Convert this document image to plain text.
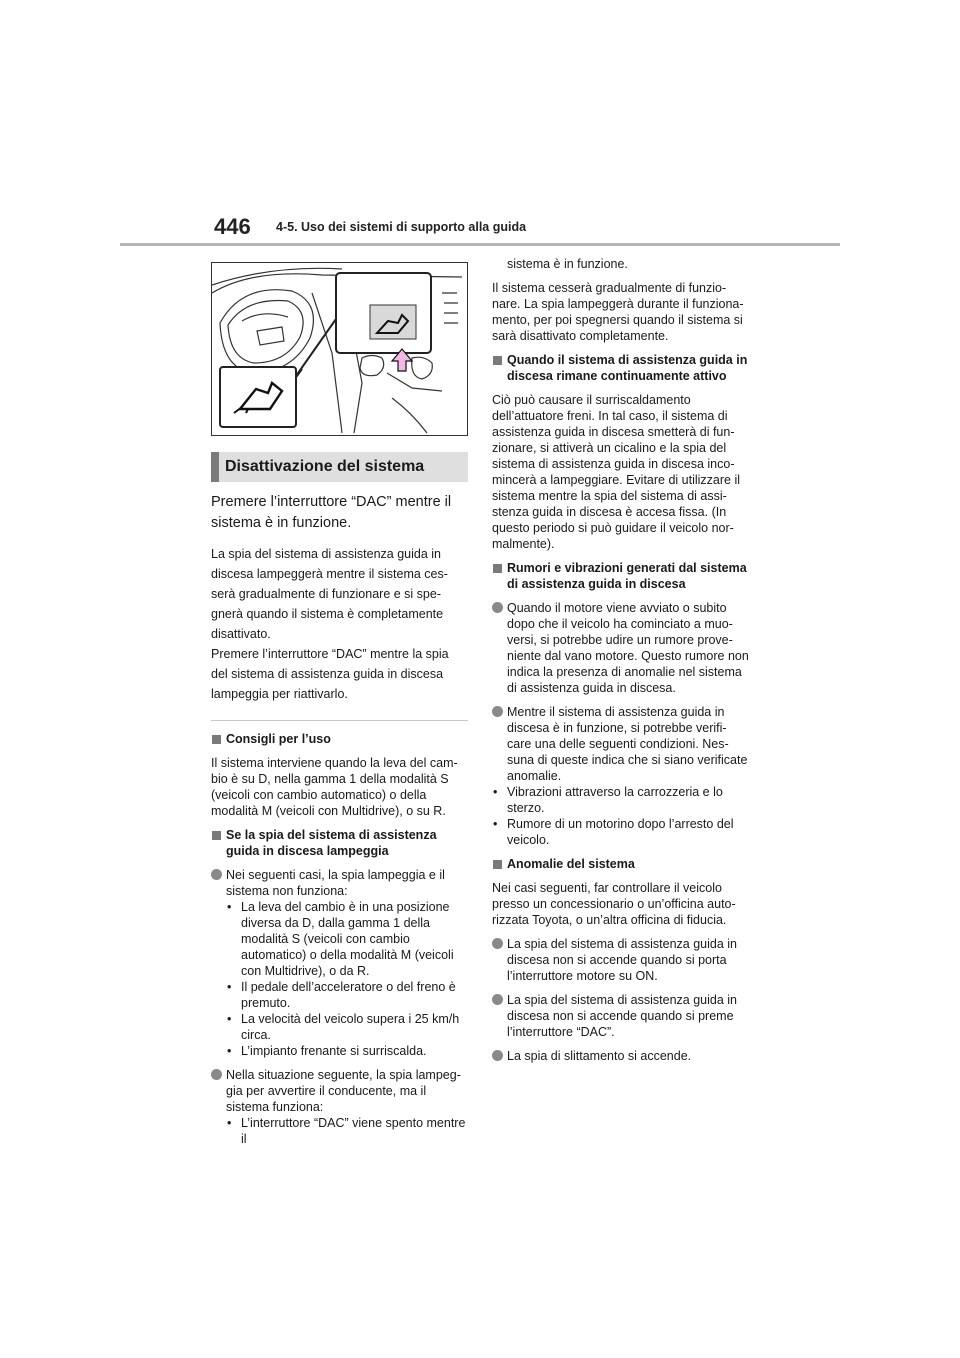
446 4-5. Uso dei sistemi di supporto alla guida
Disattivazione del sistema
Premere l’interruttore “DAC” mentre il sistema è in funzione.
La spia del sistema di assistenza guida in discesa lampeggerà mentre il sistema ces-serà gradualmente di funzionare e si spe-gnerà quando il sistema è completamente disattivato.
Premere l’interruttore “DAC” mentre la spia del sistema di assistenza guida in discesa lampeggia per riattivarlo.
Consigli per l’uso
Il sistema interviene quando la leva del cam-bio è su D, nella gamma 1 della modalità S (veicoli con cambio automatico) o della modalità M (veicoli con Multidrive), o su R.
Se la spia del sistema di assistenza guida in discesa lampeggia
Nei seguenti casi, la spia lampeggia e il sistema non funziona:
• La leva del cambio è in una posizione diversa da D, dalla gamma 1 della modalità S (veicoli con cambio automatico) o della modalità M (veicoli con Multidrive), o da R.
• Il pedale dell’acceleratore o del freno è premuto.
• La velocità del veicolo supera i 25 km/h circa.
• L’impianto frenante si surriscalda.
Nella situazione seguente, la spia lampeg-gia per avvertire il conducente, ma il sistema funziona:
• L’interruttore “DAC” viene spento mentre il
sistema è in funzione.
Il sistema cesserà gradualmente di funzio-nare. La spia lampeggerà durante il funziona-mento, per poi spegnersi quando il sistema si sarà disattivato completamente.
Quando il sistema di assistenza guida in discesa rimane continuamente attivo
Ciò può causare il surriscaldamento dell’attuatore freni. In tal caso, il sistema di assistenza guida in discesa smetterà di fun-zionare, si attiverà un cicalino e la spia del sistema di assistenza guida in discesa inco-mincerà a lampeggiare. Evitare di utilizzare il sistema mentre la spia del sistema di assi-stenza guida in discesa è accesa fissa. (In questo periodo si può guidare il veicolo nor-malmente).
Rumori e vibrazioni generati dal sistema di assistenza guida in discesa
Quando il motore viene avviato o subito dopo che il veicolo ha cominciato a muo-versi, si potrebbe udire un rumore prove-niente dal vano motore. Questo rumore non indica la presenza di anomalie nel sistema di assistenza guida in discesa.
Mentre il sistema di assistenza guida in discesa è in funzione, si potrebbe verifi-care una delle seguenti condizioni. Nes-suna di queste indica che si siano verificate anomalie.
• Vibrazioni attraverso la carrozzeria e lo sterzo.
• Rumore di un motorino dopo l’arresto del veicolo.
Anomalie del sistema
Nei casi seguenti, far controllare il veicolo presso un concessionario o un’officina auto-rizzata Toyota, o un’altra officina di fiducia.
La spia del sistema di assistenza guida in discesa non si accende quando si porta l’interruttore motore su ON.
La spia del sistema di assistenza guida in discesa non si accende quando si preme l’interruttore “DAC”.
La spia di slittamento si accende.
